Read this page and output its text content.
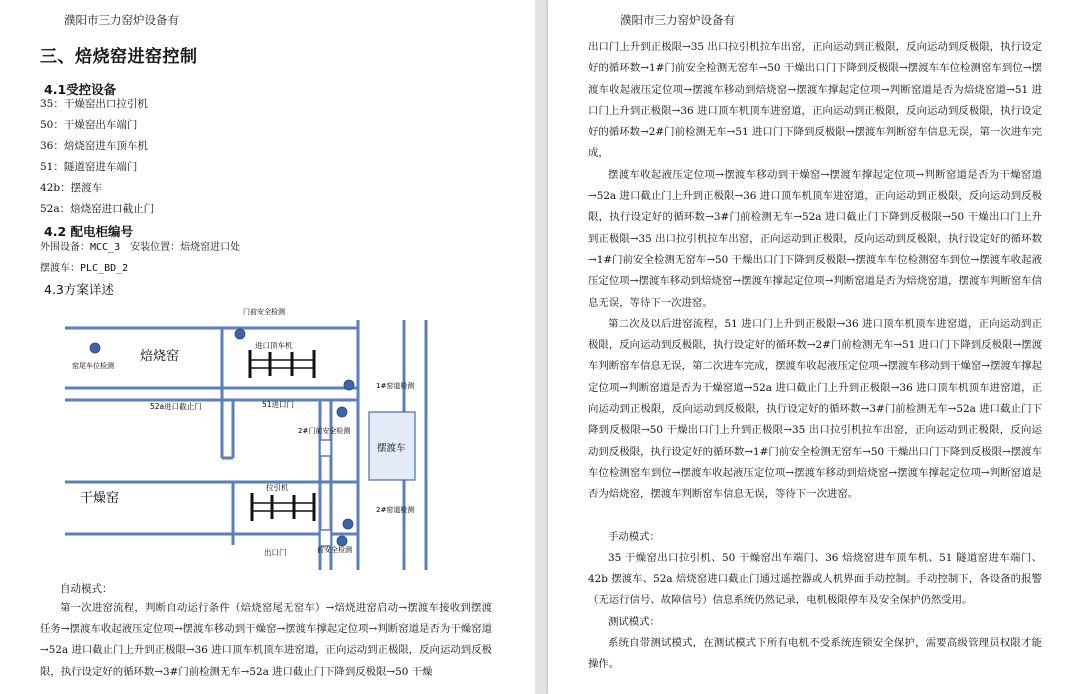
濮阳市三力窑炉设备有
三、焙烧窑进窑控制
4.1受控设备
35：干燥窑出口拉引机
50：干燥窑出车端门
36：焙烧窑进车顶车机
51：隧道窑进车端门
42b：摆渡车
52a：焙烧窑进口截止门
4.2 配电柜编号
外围设备：MCC_3　安装位置：焙烧窑进口处
摆渡车：PLC_BD_2
4.3方案详述
门前安全检测
窑尾车位检测
焙烧窑
进口顶车机
1#窑道检测
52a进口截止门	51进口门
2#门前安全检测
摆渡车
干燥窑
拉引机
2#窑道检测
出口门	前安全检测
自动模式：
第一次进窑流程，判断自动运行条件（焙烧窑尾无窑车）→焙烧进窑启动→摆渡车接收到摆渡任务→摆渡车收起液压定位项→摆渡车移动到干燥窑→摆渡车撑起定位项→判断窑道是否为干燥窑道→52a 进口截止门上升到正极限→36 进口顶车机顶车进窑道，正向运动到正极限，反向运动到反极限，执行设定好的循环数→3#门前检测无车→52a 进口截止门下降到反极限→50 干燥
濮阳市三力窑炉设备有

出口门上升到正极限→35 出口拉引机拉车出窑，正向运动到正极限，反向运动到反极限，执行设定好的循环数→1#门前安全检测无窑车→50 干燥出口门下降到反极限→摆渡车车位检测窑车到位→摆渡车收起液压定位项→摆渡车移动到焙烧窑→摆渡车撑起定位项→判断窑道是否为焙烧窑道→51 进口门上升到正极限→36 进口顶车机顶车进窑道，正向运动到正极限，反向运动到反极限，执行设定好的循环数→2#门前检测无车→51 进口门下降到反极限→摆渡车判断窑车信息无误，第一次进车完成，

摆渡车收起液压定位项→摆渡车移动到干燥窑→摆渡车撑起定位项→判断窑道是否为干燥窑道→52a 进口截止门上升到正极限→36 进口顶车机顶车进窑道，正向运动到正极限，反向运动到反极限，执行设定好的循环数→3#门前检测无车→52a 进口截止门下降到反极限→50 干燥出口门上升到正极限→35 出口拉引机拉车出窑，正向运动到正极限，反向运动到反极限，执行设定好的循环数→1#门前安全检测无窑车→50 干燥出口门下降到反极限→摆渡车车位检测窑车到位→摆渡车收起液压定位项→摆渡车移动到焙烧窑→摆渡车撑起定位项→判断窑道是否为焙烧窑道，摆渡车判断窑车信息无误，等待下一次进窑。

第二次及以后进窑流程，51 进口门上升到正极限→36 进口顶车机顶车进窑道，正向运动到正极限，反向运动到反极限，执行设定好的循环数→2#门前检测无车→51 进口门下降到反极限→摆渡车判断窑车信息无误，第二次进车完成，摆渡车收起液压定位项→摆渡车移动到干燥窑→摆渡车撑起定位项→判断窑道是否为干燥窑道→52a 进口截止门上升到正极限→36 进口顶车机顶车进窑道，正向运动到正极限，反向运动到反极限，执行设定好的循环数→3#门前检测无车→52a 进口截止门下降到反极限→50 干燥出口门上升到正极限→35 出口拉引机拉车出窑，正向运动到正极限，反向运动到反极限，执行设定好的循环数→1#门前安全检测无窑车→50 干燥出口门下降到反极限→摆渡车车位检测窑车到位→摆渡车收起液压定位项→摆渡车移动到焙烧窑→摆渡车撑起定位项→判断窑道是否为焙烧窑，摆渡车判断窑车信息无误，等待下一次进窑。

手动模式：

35 干燥窑出口拉引机、50 干燥窑出车端门、36 焙烧窑进车顶车机、51 隧道窑进车端门、42b 摆渡车、52a 焙烧窑进口截止门通过遥控器或人机界面手动控制。手动控制下，各设备的报警（无运行信号、故障信号）信息系统仍然记录，电机极限停车及安全保护仍然受用。

测试模式：

系统自带测试模式，在测试模式下所有电机不受系统连锁安全保护，需要高级管理员权限才能操作。
